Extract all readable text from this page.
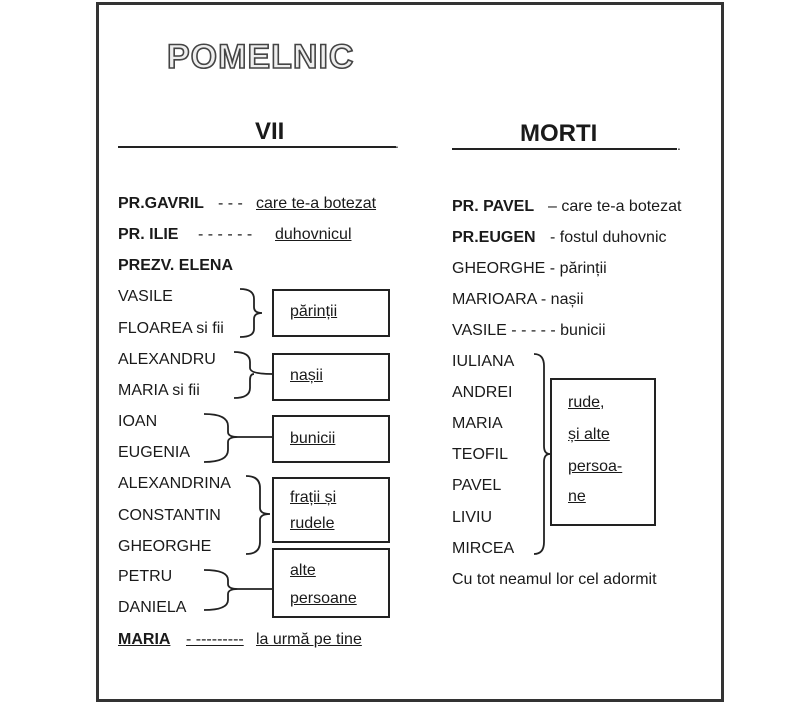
POMELNIC
VII	.	MORTI	.
PR.GAVRIL - - - care te-a botezat
PR. ILIE - - - - - - duhovnicul
PREZV. ELENA
VASILE
FLOAREA si fii
ALEXANDRU
MARIA si fii
IOAN
EUGENIA
ALEXANDRINA
CONSTANTIN
GHEORGHE
PETRU
DANIELA
MARIA - --------- la urmă pe tine
părinții
nașii
bunicii
frații și
rudele
alte
persoane
PR. PAVEL – care te-a botezat
PR.EUGEN - fostul duhovnic
GHEORGHE - părinții
MARIOARA - nașii
VASILE - - - - - bunicii
IULIANA
ANDREI
MARIA
TEOFIL
PAVEL
LIVIU
MIRCEA
Cu tot neamul lor cel adormit
rude,
și alte
persoa-
ne
